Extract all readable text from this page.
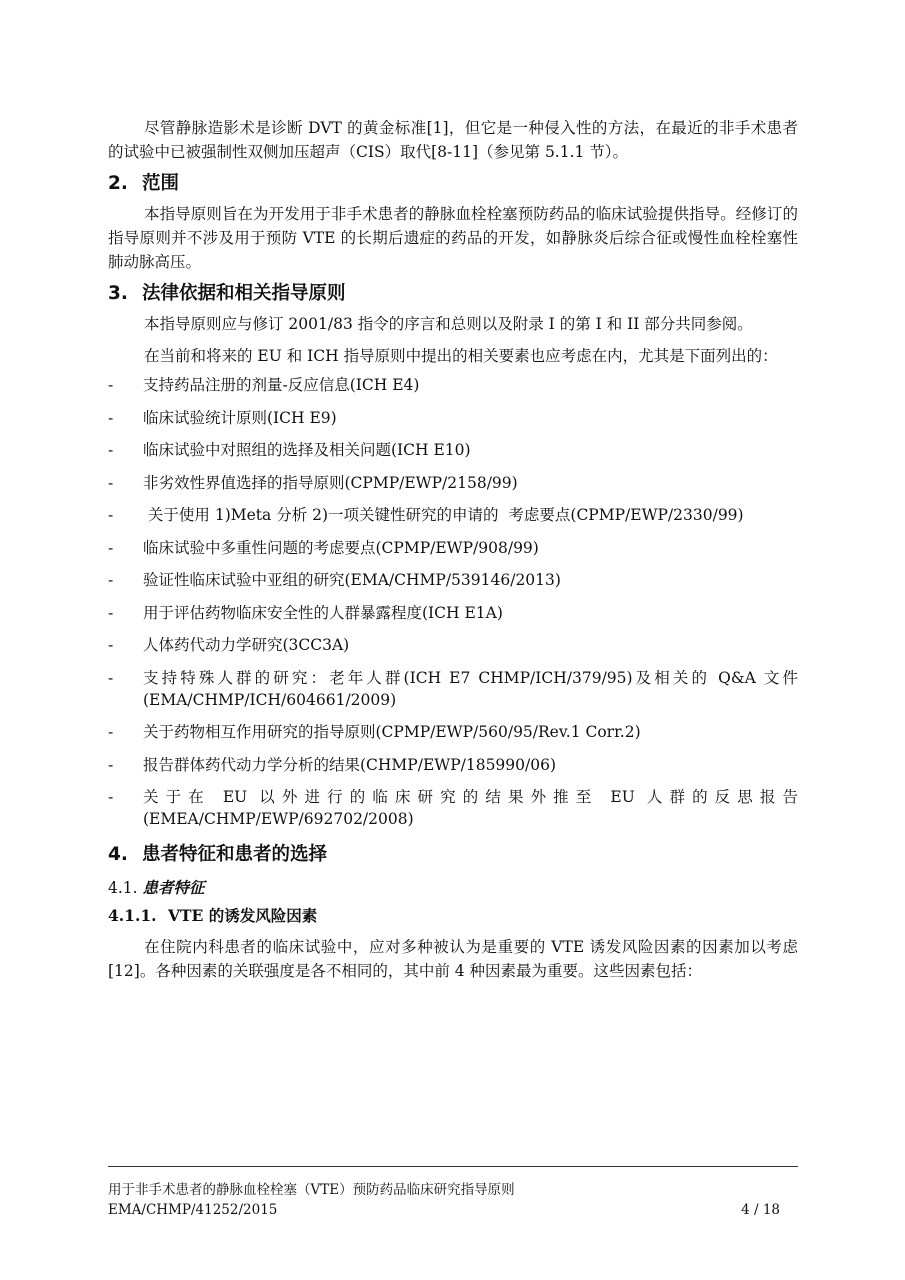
尽管静脉造影术是诊断 DVT 的黄金标准[1]，但它是一种侵入性的方法，在最近的非手术患者的试验中已被强制性双侧加压超声（CIS）取代[8-11]（参见第 5.1.1 节）。

2. 范围

本指导原则旨在为开发用于非手术患者的静脉血栓栓塞预防药品的临床试验提供指导。经修订的指导原则并不涉及用于预防 VTE 的长期后遗症的药品的开发，如静脉炎后综合征或慢性血栓栓塞性肺动脉高压。

3. 法律依据和相关指导原则

本指导原则应与修订 2001/83 指令的序言和总则以及附录 I 的第 I 和 II 部分共同参阅。

在当前和将来的 EU 和 ICH 指导原则中提出的相关要素也应考虑在内，尤其是下面列出的：

- 支持药品注册的剂量-反应信息(ICH E4)
- 临床试验统计原则(ICH E9)
- 临床试验中对照组的选择及相关问题(ICH E10)
- 非劣效性界值选择的指导原则(CPMP/EWP/2158/99)
- 关于使用 1)Meta 分析 2)一项关键性研究的申请的  考虑要点(CPMP/EWP/2330/99)
- 临床试验中多重性问题的考虑要点(CPMP/EWP/908/99)
- 验证性临床试验中亚组的研究(EMA/CHMP/539146/2013)
- 用于评估药物临床安全性的人群暴露程度(ICH E1A)
- 人体药代动力学研究(3CC3A)
- 支持特殊人群的研究：老年人群(ICH E7 CHMP/ICH/379/95)及相关的 Q&A 文件(EMA/CHMP/ICH/604661/2009)
- 关于药物相互作用研究的指导原则(CPMP/EWP/560/95/Rev.1 Corr.2)
- 报告群体药代动力学分析的结果(CHMP/EWP/185990/06)
- 关于在 EU 以外进行的临床研究的结果外推至 EU 人群的反思报告(EMEA/CHMP/EWP/692702/2008)
4. 患者特征和患者的选择
4.1. 患者特征
4.1.1. VTE 的诱发风险因素

在住院内科患者的临床试验中，应对多种被认为是重要的 VTE 诱发风险因素的因素加以考虑[12]。各种因素的关联强度是各不相同的，其中前 4 种因素最为重要。这些因素包括：

用于非手术患者的静脉血栓栓塞（VTE）预防药品临床研究指导原则
EMA/CHMP/41252/2015	4 / 18
